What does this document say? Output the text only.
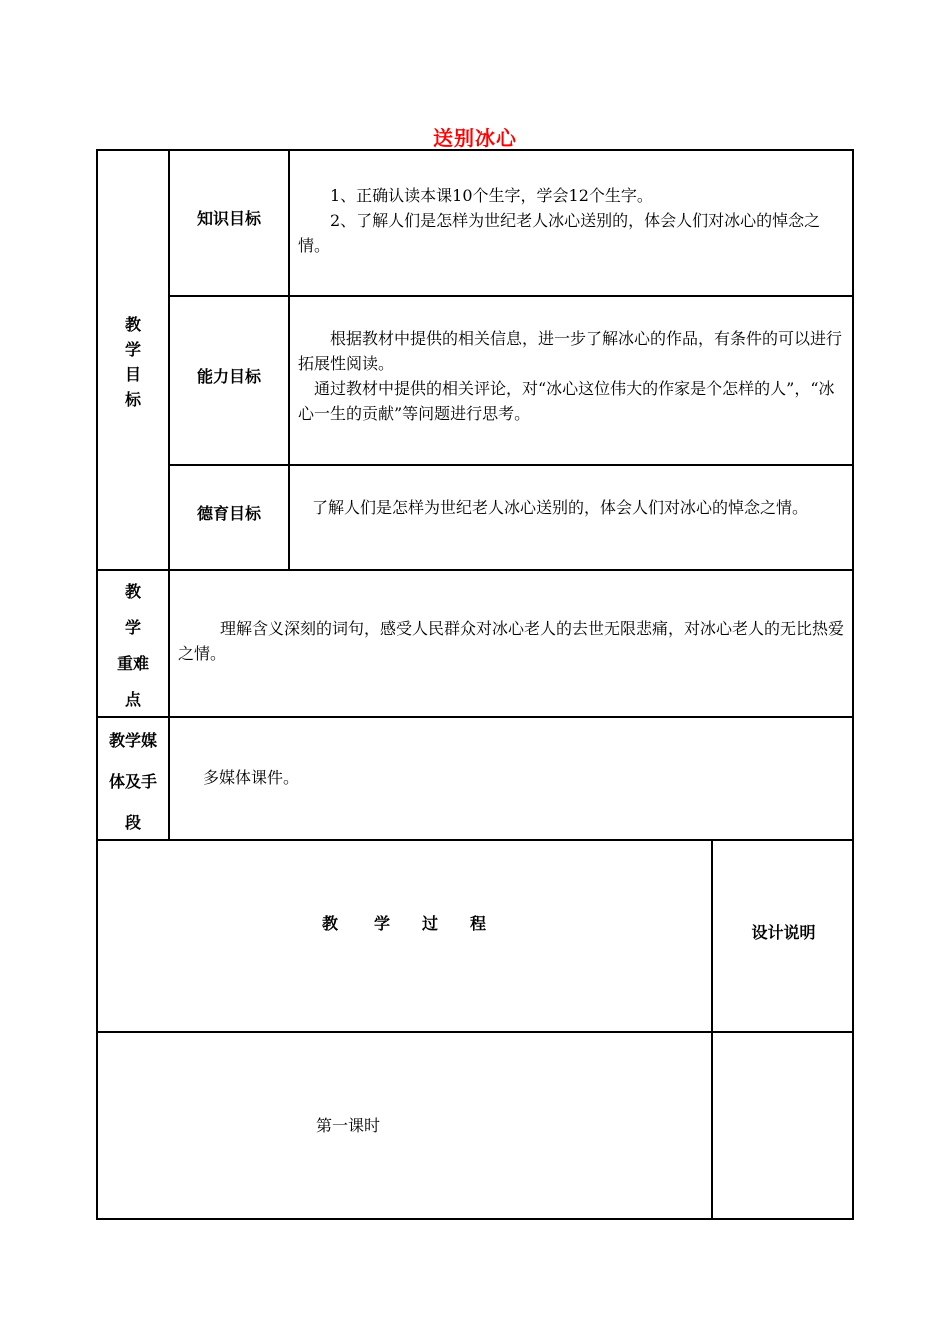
送别冰心
教
学
目
标
知识目标
1、正确认读本课10个生字，学会12个生字。
2、了解人们是怎样为世纪老人冰心送别的，体会人们对冰心的悼念之情。
能力目标
根据教材中提供的相关信息，进一步了解冰心的作品，有条件的可以进行拓展性阅读。
通过教材中提供的相关评论，对“冰心这位伟大的作家是个怎样的人”，“冰心一生的贡献”等问题进行思考。
德育目标	了解人们是怎样为世纪老人冰心送别的，体会人们对冰心的悼念之情。
教
学
重难
点
理解含义深刻的词句，感受人民群众对冰心老人的去世无限悲痛，对冰心老人的无比热爱之情。
教学媒
体及手
段
多媒体课件。
教 学 过 程	设计说明
第一课时
